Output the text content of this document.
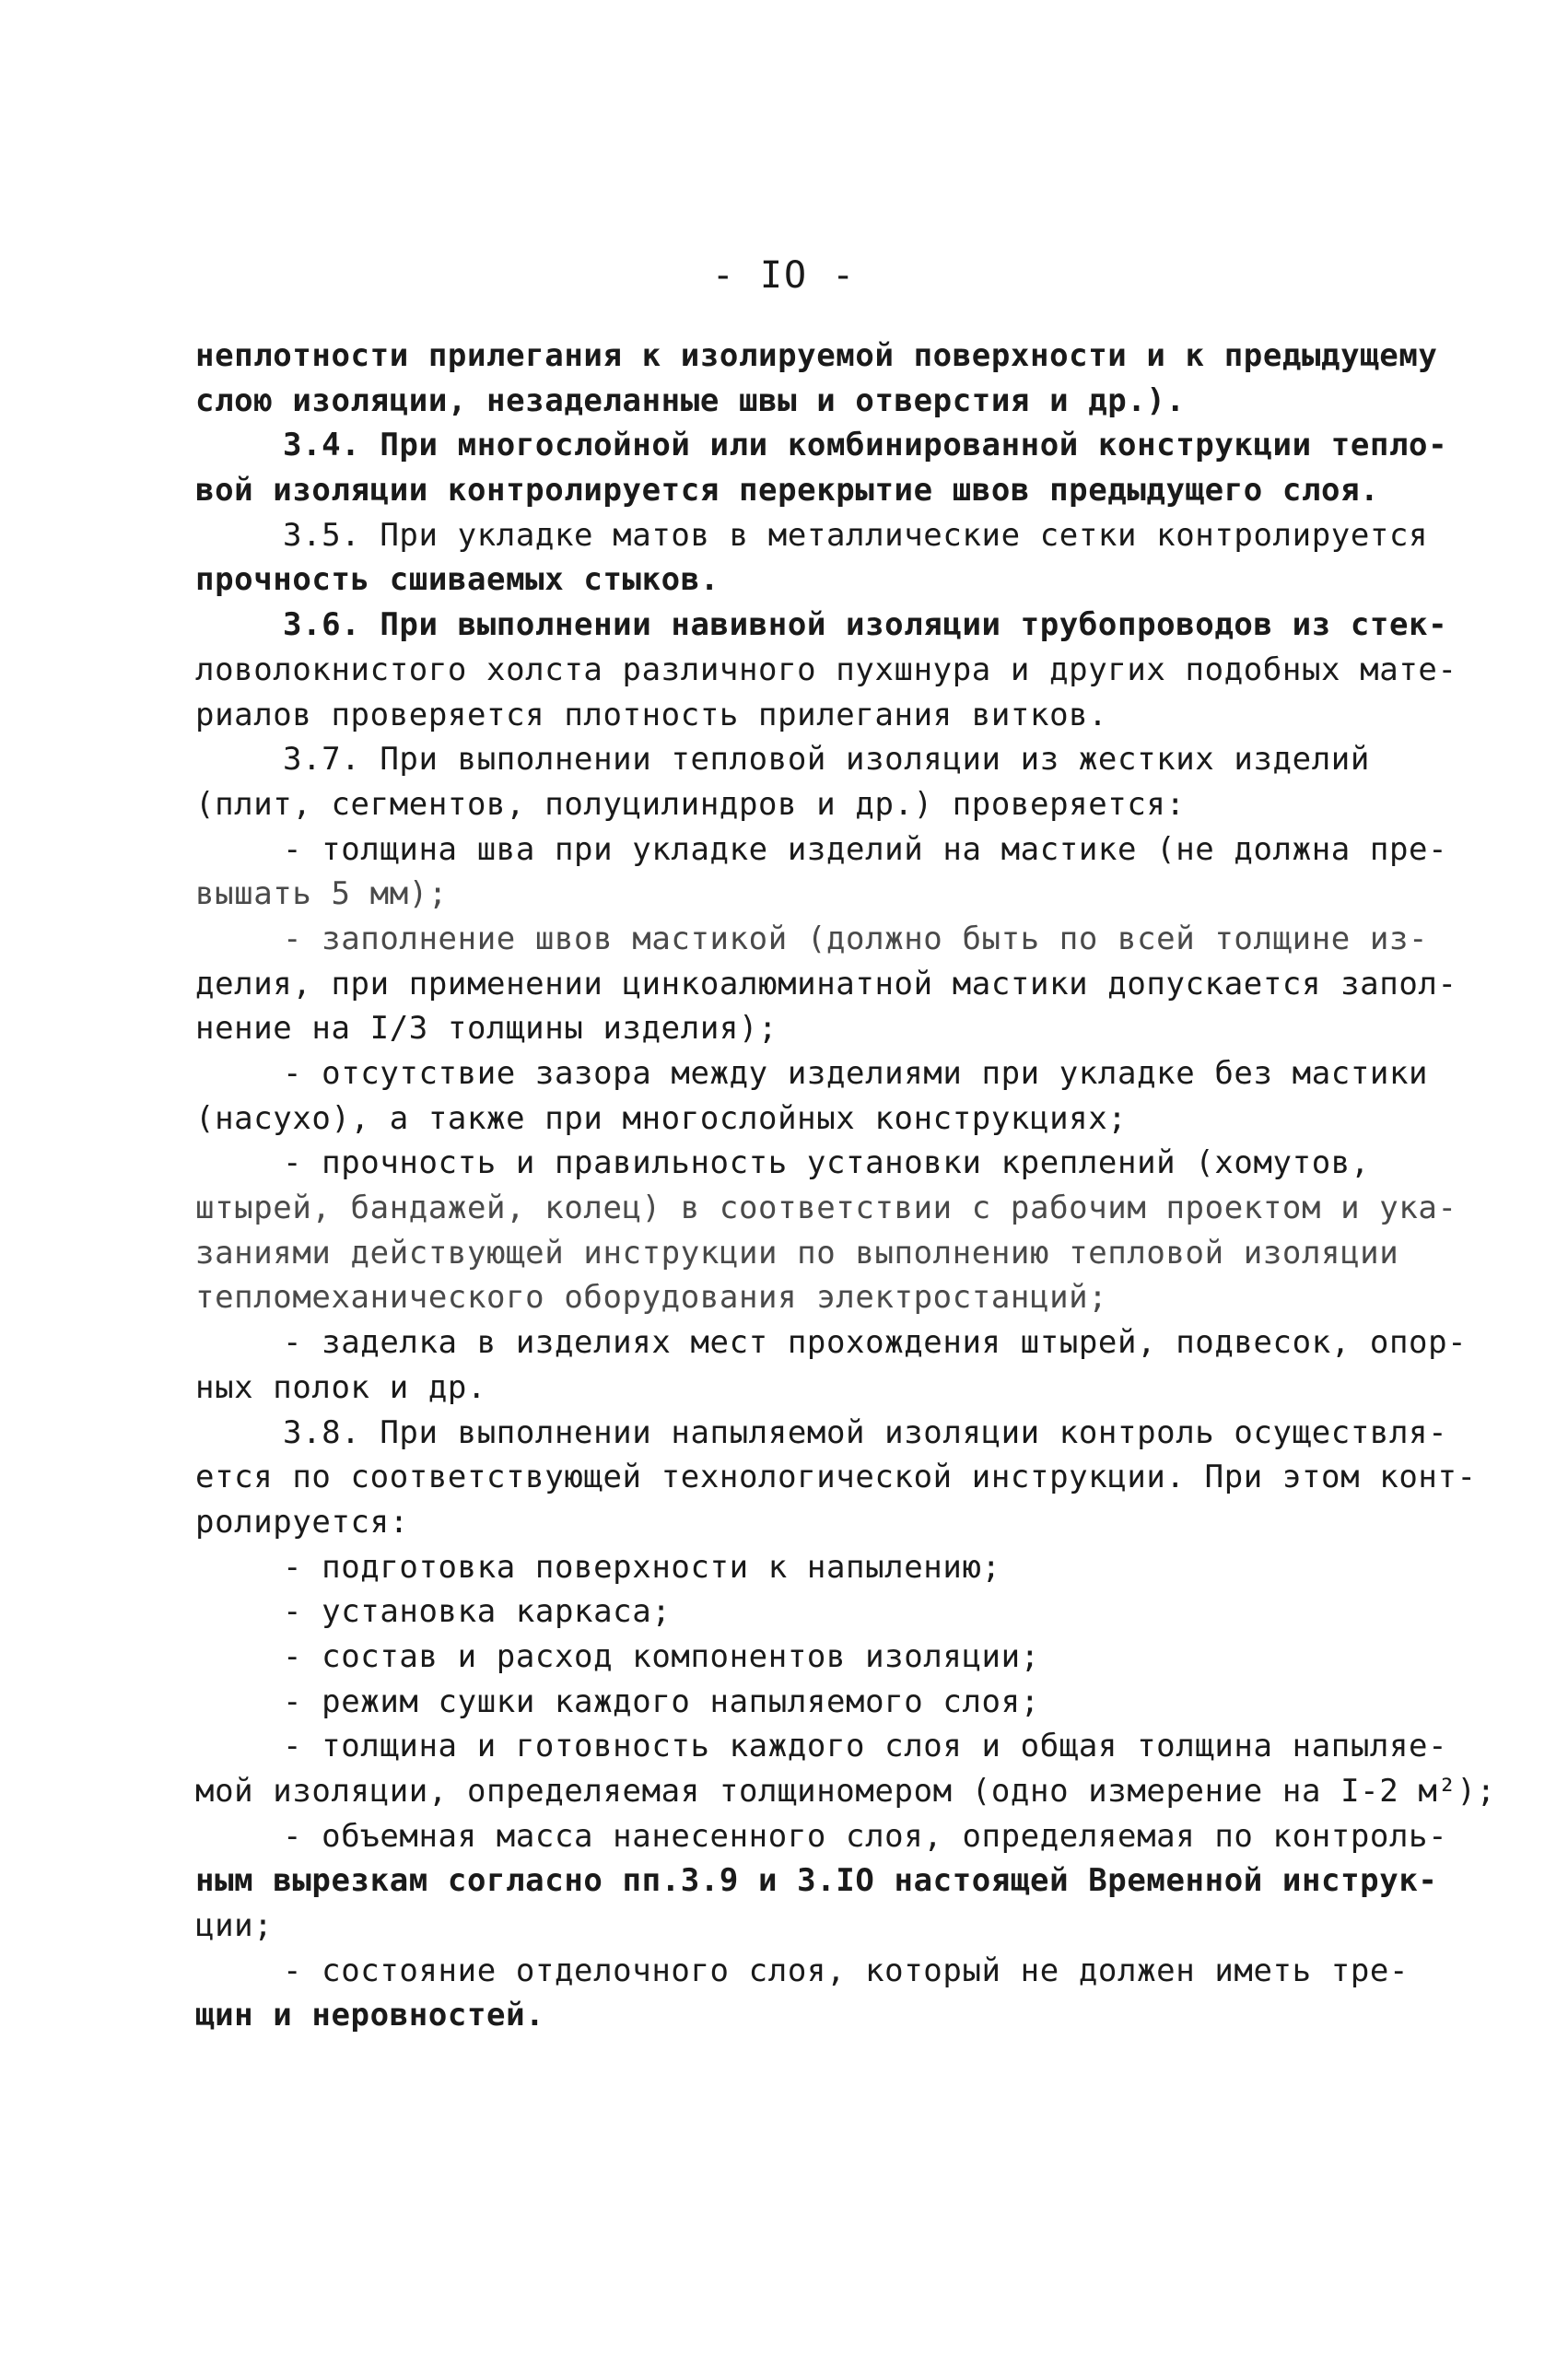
- IO -
неплотности прилегания к изолируемой поверхности и к предыдущему
слою изоляции, незаделанные швы и отверстия и др.).
3.4. При многослойной или комбинированной конструкции тепло-
вой изоляции контролируется перекрытие швов предыдущего слоя.
3.5. При укладке матов в металлические сетки контролируется
прочность сшиваемых стыков.
3.6. При выполнении навивной изоляции трубопроводов из стек-
ловолокнистого холста различного пухшнура и других подобных мате-
риалов проверяется плотность прилегания витков.
3.7. При выполнении тепловой изоляции из жестких изделий
(плит, сегментов, полуцилиндров и др.) проверяется:
- толщина шва при укладке изделий на мастике (не должна пре-
вышать 5 мм);
- заполнение швов мастикой (должно быть по всей толщине из-
делия, при применении цинкоалюминатной мастики допускается запол-
нение на I/3 толщины изделия);
- отсутствие зазора между изделиями при укладке без мастики
(насухо), а также при многослойных конструкциях;
- прочность и правильность установки креплений (хомутов,
штырей, бандажей, колец) в соответствии с рабочим проектом и ука-
заниями действующей инструкции по выполнению тепловой изоляции
тепломеханического оборудования электростанций;
- заделка в изделиях мест прохождения штырей, подвесок, опор-
ных полок и др.
3.8. При выполнении напыляемой изоляции контроль осуществля-
ется по соответствующей технологической инструкции. При этом конт-
ролируется:
- подготовка поверхности к напылению;
- установка каркаса;
- состав и расход компонентов изоляции;
- режим сушки каждого напыляемого слоя;
- толщина и готовность каждого слоя и общая толщина напыляе-
мой изоляции, определяемая толщиномером (одно измерение на I-2 м²);
- объемная масса нанесенного слоя, определяемая по контроль-
ным вырезкам согласно пп.3.9 и 3.IO настоящей Временной инструк-
ции;
- состояние отделочного слоя, который не должен иметь тре-
щин и неровностей.
